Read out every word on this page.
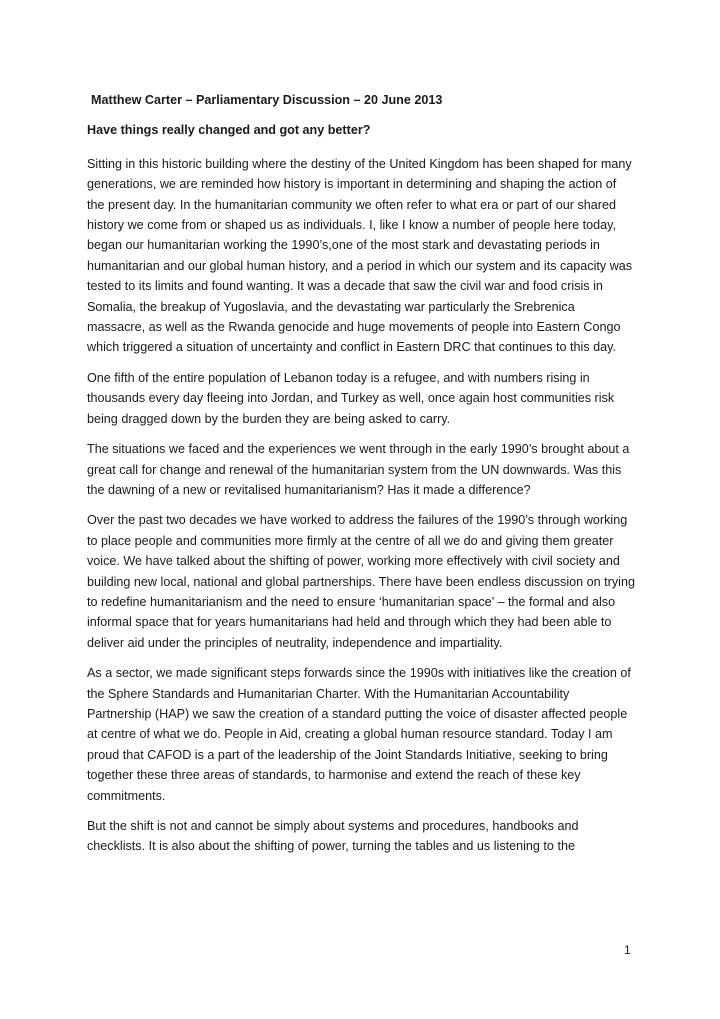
Matthew Carter – Parliamentary Discussion – 20 June 2013

Have things really changed and got any better?

Sitting in this historic building where the destiny of the United Kingdom has been shaped for many generations, we are reminded how history is important in determining and shaping the action of the present day. In the humanitarian community we often refer to what era or part of our shared history we come from or shaped us as individuals. I, like I know a number of people here today, began our humanitarian working the 1990’s,one of the most stark and devastating periods in humanitarian and our global human history, and a period in which our system and its capacity was tested to its limits and found wanting. It was a decade that saw the civil war and food crisis in Somalia, the breakup of Yugoslavia, and the devastating war particularly the Srebrenica massacre, as well as the Rwanda genocide and huge movements of people into Eastern Congo which triggered a situation of uncertainty and conflict in Eastern DRC that continues to this day.

One fifth of the entire population of Lebanon today is a refugee, and with numbers rising in thousands every day fleeing into Jordan, and Turkey as well, once again host communities risk being dragged down by the burden they are being asked to carry.

The situations we faced and the experiences we went through in the early 1990’s brought about a great call for change and renewal of the humanitarian system from the UN downwards. Was this the dawning of a new or revitalised humanitarianism? Has it made a difference?

Over the past two decades we have worked to address the failures of the 1990’s through working to place people and communities more firmly at the centre of all we do and giving them greater voice. We have talked about the shifting of power, working more effectively with civil society and building new local, national and global partnerships. There have been endless discussion on trying to redefine humanitarianism and the need to ensure ‘humanitarian space’ – the formal and also informal space that for years humanitarians had held and through which they had been able to deliver aid under the principles of neutrality, independence and impartiality.

As a sector, we made significant steps forwards since the 1990s with initiatives like the creation of the Sphere Standards and Humanitarian Charter. With the Humanitarian Accountability Partnership (HAP) we saw the creation of a standard putting the voice of disaster affected people at centre of what we do. People in Aid, creating a global human resource standard. Today I am proud that CAFOD is a part of the leadership of the Joint Standards Initiative, seeking to bring together these three areas of standards, to harmonise and extend the reach of these key commitments.

But the shift is not and cannot be simply about systems and procedures, handbooks and checklists. It is also about the shifting of power, turning the tables and us listening to the

1
